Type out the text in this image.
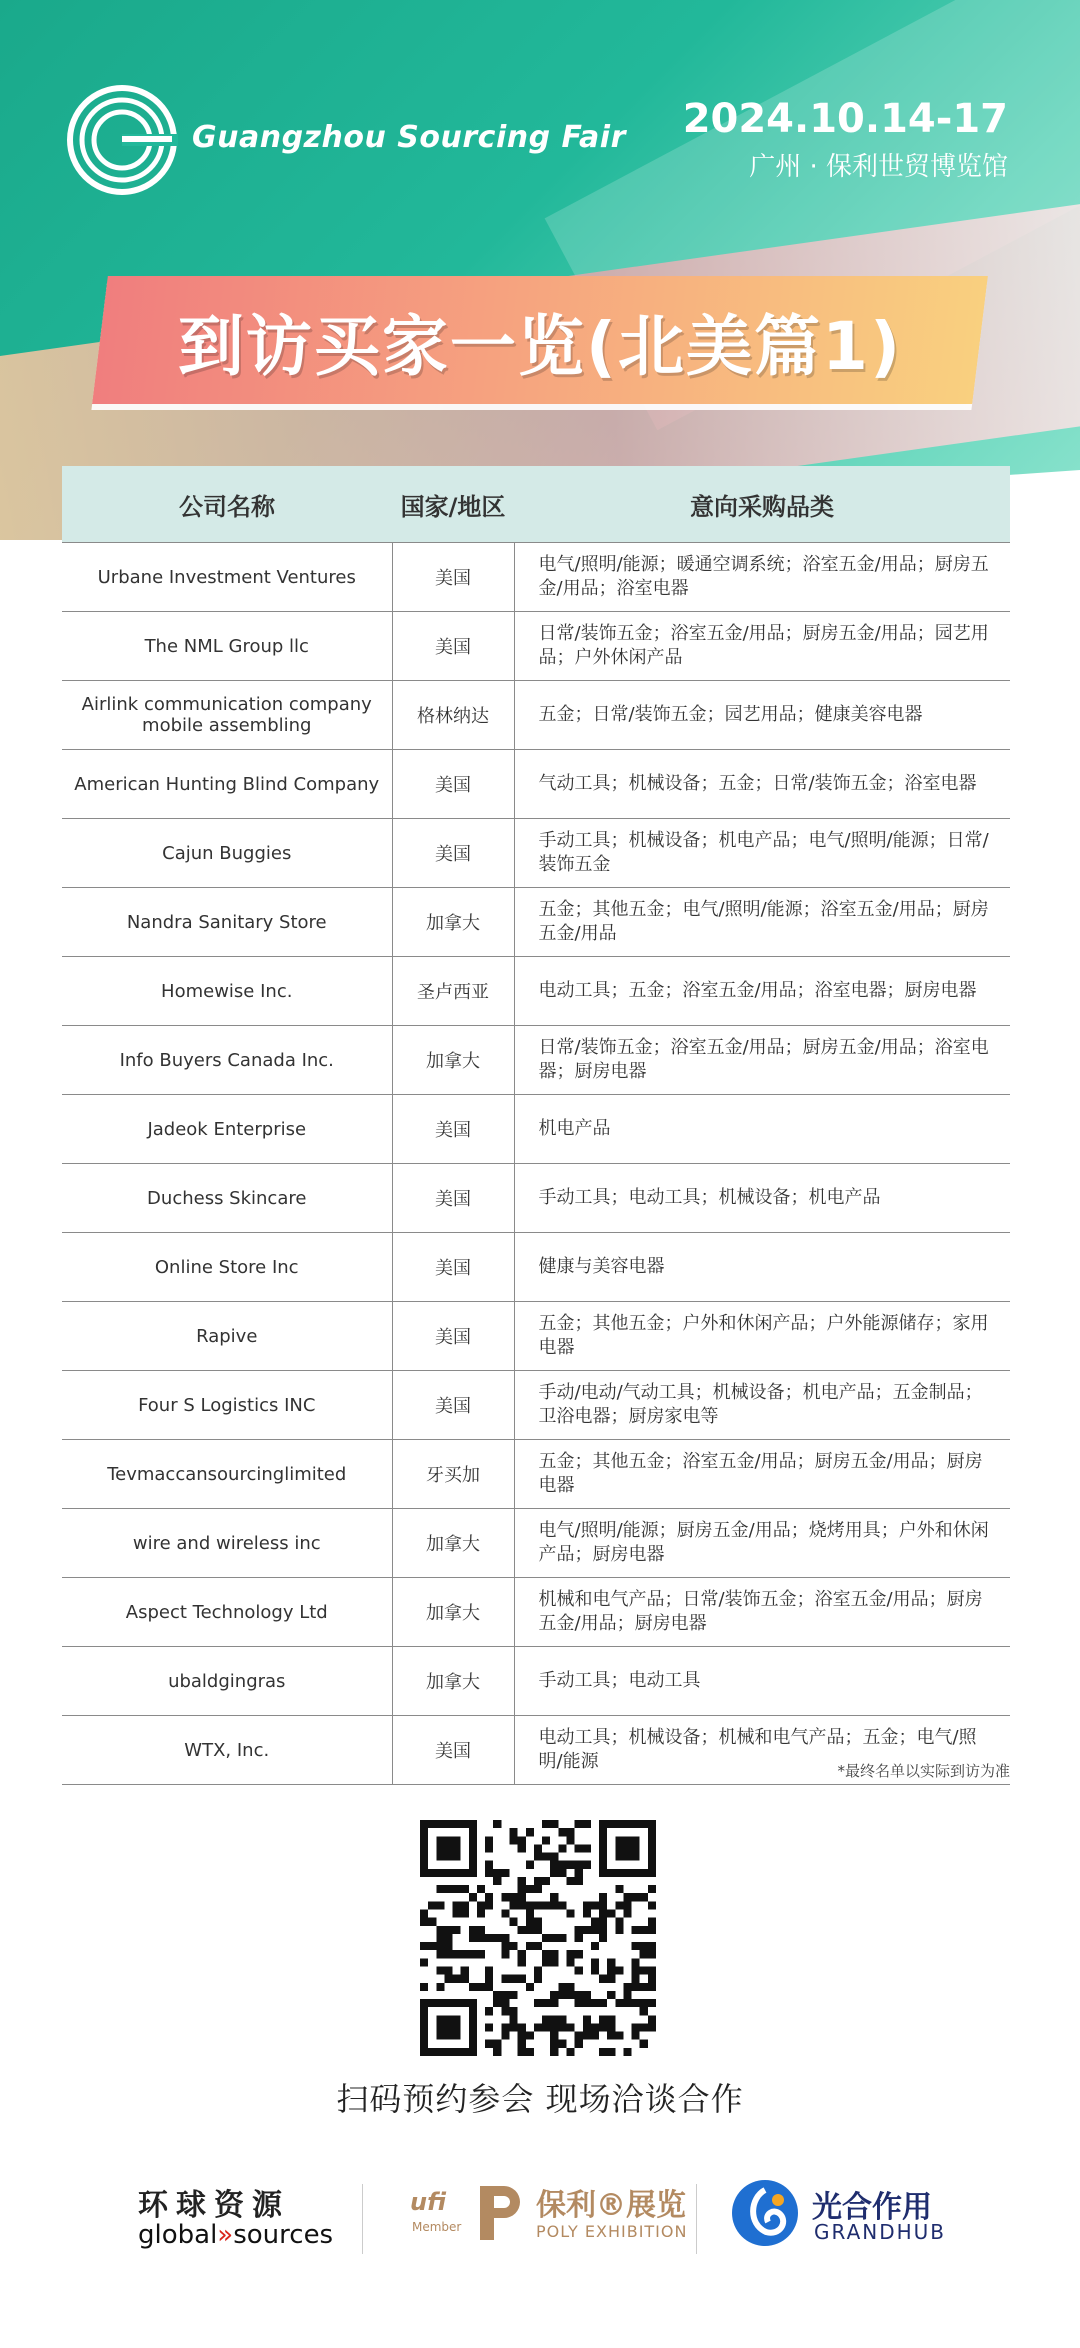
Guangzhou Sourcing Fair 2024.10.14-17
广州 · 保利世贸博览馆
到访买家一览(北美篇1)
公司名称	国家/地区	意向采购品类
Urbane Investment Ventures	美国	电气/照明/能源；暖通空调系统；浴室五金/用品；厨房五金/用品；浴室电器
The NML Group llc	美国	日常/装饰五金；浴室五金/用品；厨房五金/用品；园艺用品；户外休闲产品
Airlink communication company mobile assembling	格林纳达	五金；日常/装饰五金；园艺用品；健康美容电器
American Hunting Blind Company	美国	气动工具；机械设备；五金；日常/装饰五金；浴室电器
Cajun Buggies	美国	手动工具；机械设备；机电产品；电气/照明/能源；日常/装饰五金
Nandra Sanitary Store	加拿大	五金；其他五金；电气/照明/能源；浴室五金/用品；厨房五金/用品
Homewise Inc.	圣卢西亚	电动工具；五金；浴室五金/用品；浴室电器；厨房电器
Info Buyers Canada Inc.	加拿大	日常/装饰五金；浴室五金/用品；厨房五金/用品；浴室电器；厨房电器
Jadeok Enterprise	美国	机电产品
Duchess Skincare	美国	手动工具；电动工具；机械设备；机电产品
Online Store Inc	美国	健康与美容电器
Rapive	美国	五金；其他五金；户外和休闲产品；户外能源储存；家用电器
Four S Logistics INC	美国	手动/电动/气动工具；机械设备；机电产品；五金制品；卫浴电器；厨房家电等
Tevmaccansourcinglimited	牙买加	五金；其他五金；浴室五金/用品；厨房五金/用品；厨房电器
wire and wireless inc	加拿大	电气/照明/能源；厨房五金/用品；烧烤用具；户外和休闲产品；厨房电器
Aspect Technology Ltd	加拿大	机械和电气产品；日常/装饰五金；浴室五金/用品；厨房五金/用品；厨房电器
ubaldgingras	加拿大	手动工具；电动工具
WTX, Inc.	美国	电动工具；机械设备；机械和电气产品；五金；电气/照明/能源	*最终名单以实际到访为准
扫码预约参会 现场洽谈合作
环球资源
global»sources
ufi
Member
保利®展览
POLY EXHIBITION
光合作用
GRANDHUB
